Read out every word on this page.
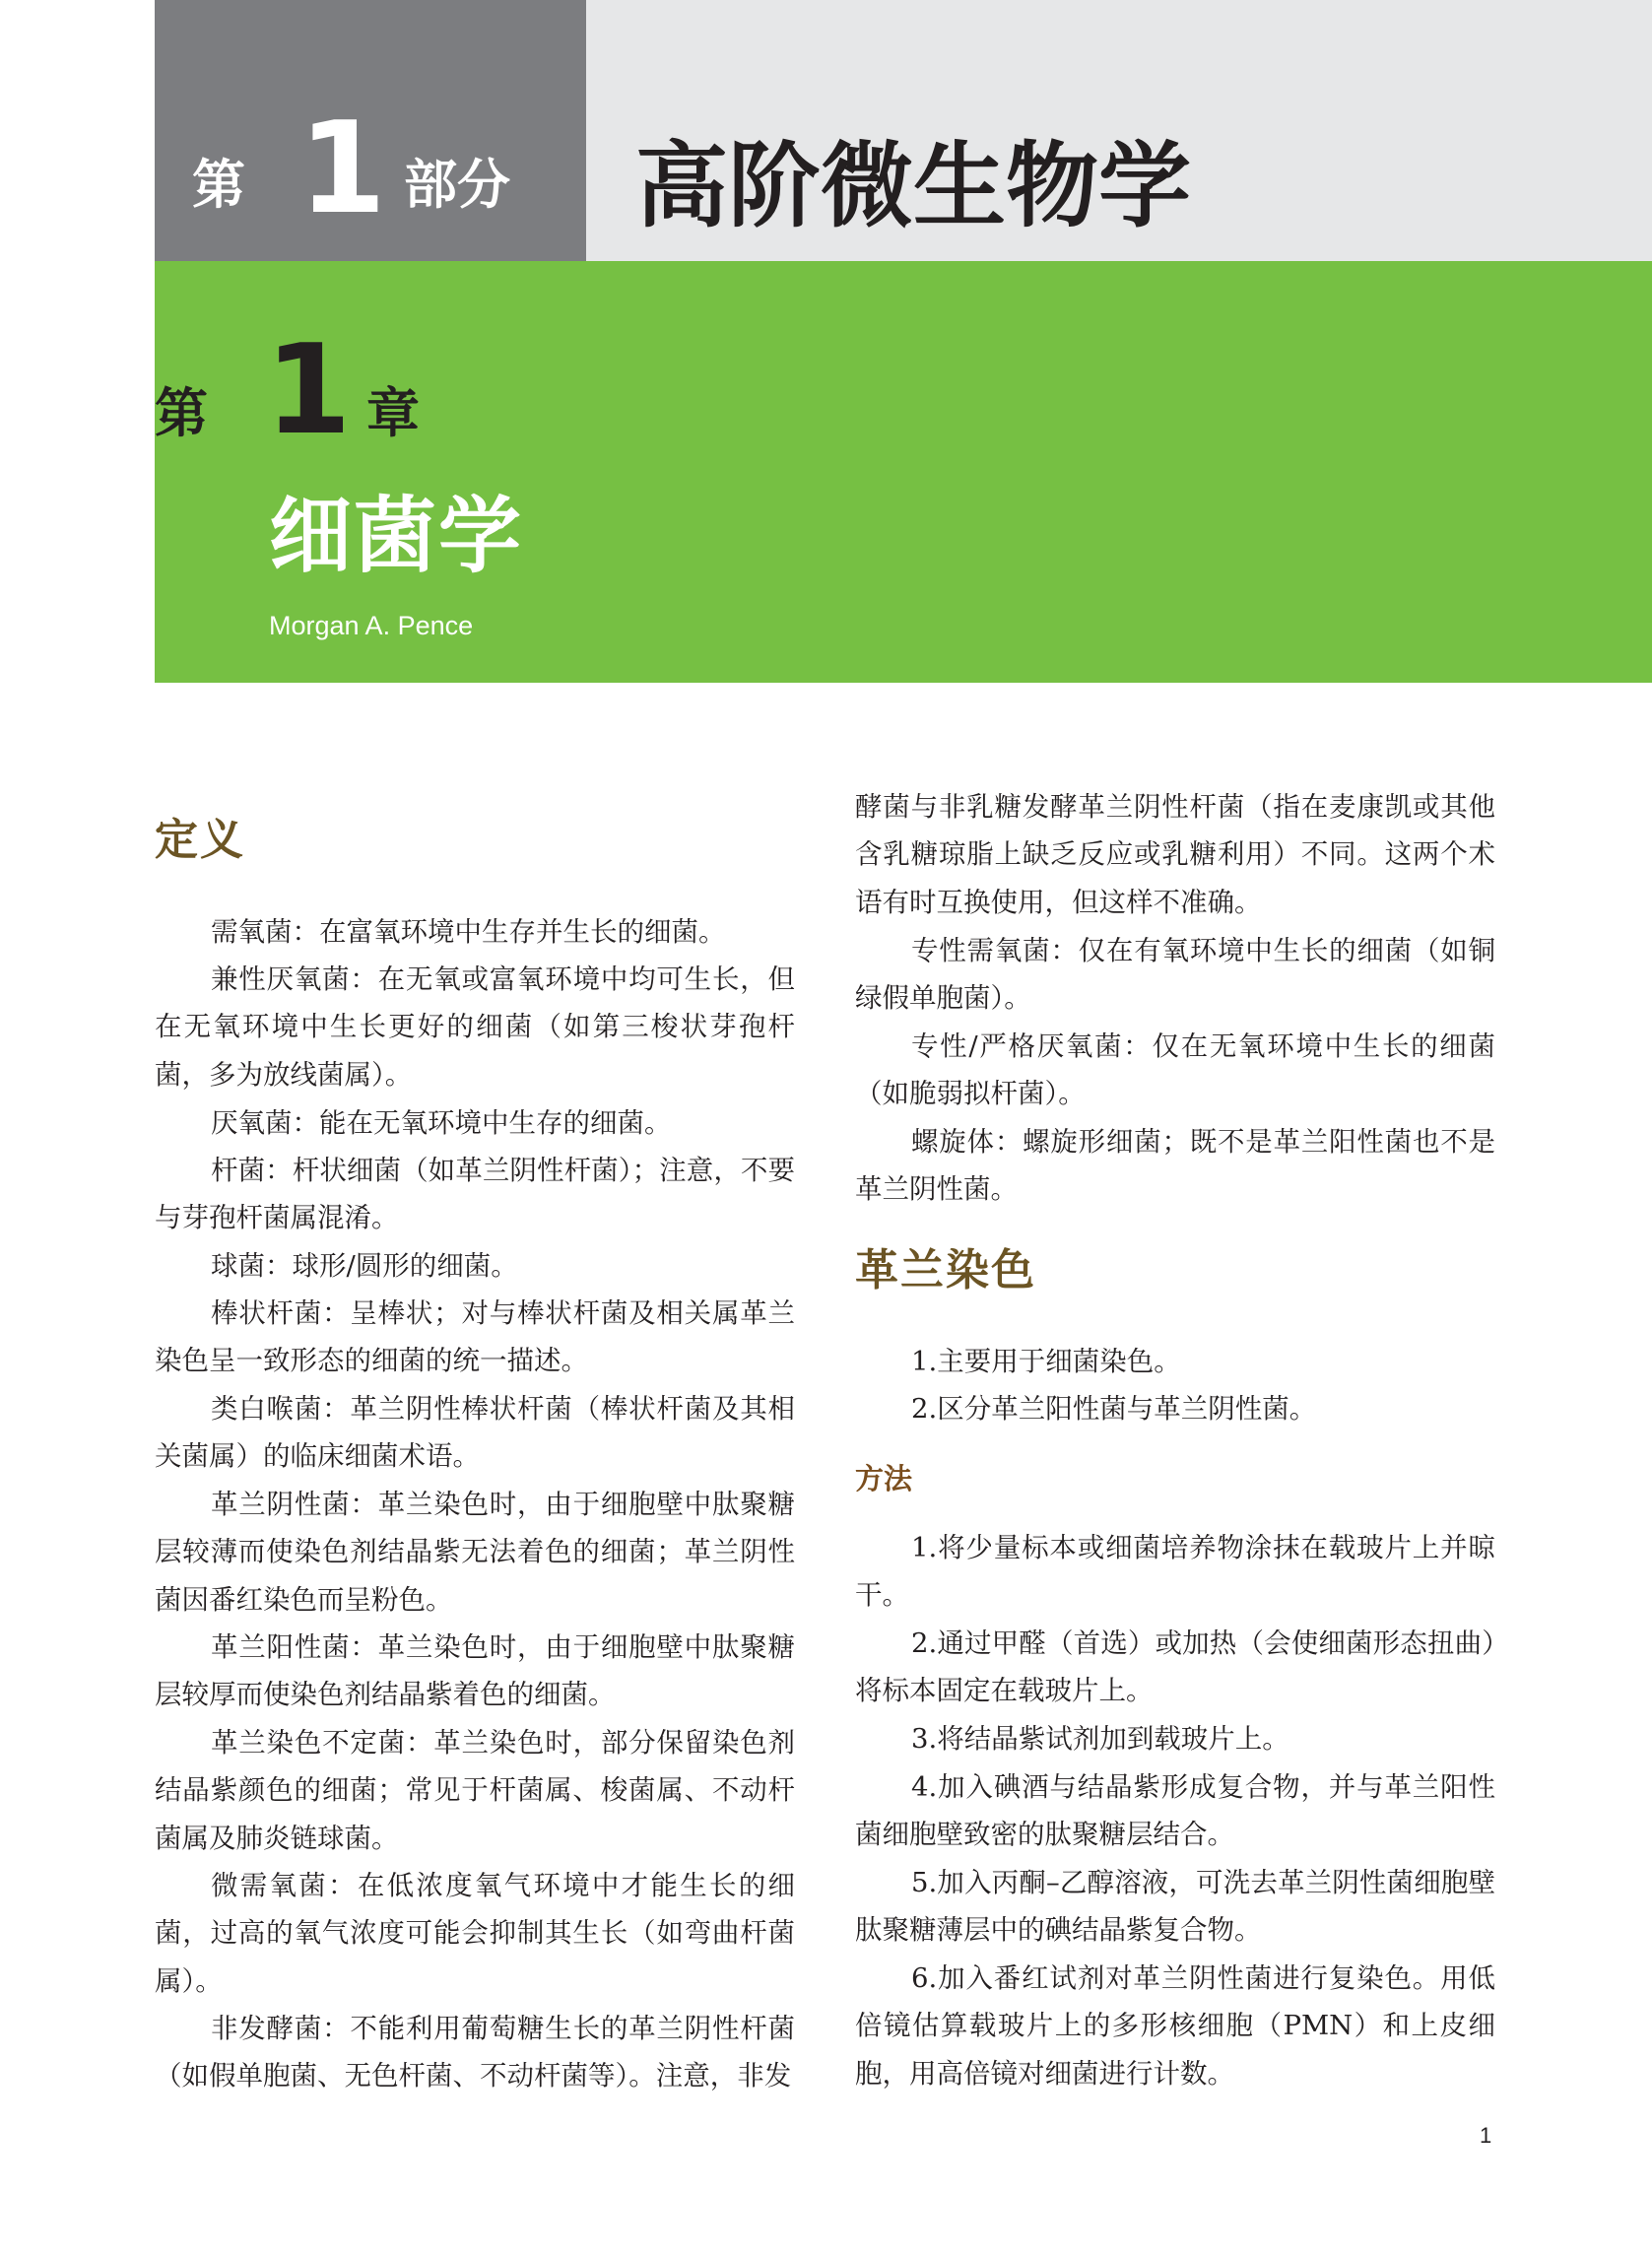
第 1 部分 高阶微生物学
第 1 章
细菌学
Morgan A. Pence
定义

需氧菌：在富氧环境中生存并生长的细菌。

兼性厌氧菌：在无氧或富氧环境中均可生长，但在无氧环境中生长更好的细菌（如第三梭状芽孢杆菌，多为放线菌属）。

厌氧菌：能在无氧环境中生存的细菌。

杆菌：杆状细菌（如革兰阴性杆菌）；注意，不要与芽孢杆菌属混淆。

球菌：球形/圆形的细菌。

棒状杆菌：呈棒状；对与棒状杆菌及相关属革兰染色呈一致形态的细菌的统一描述。

类白喉菌：革兰阴性棒状杆菌（棒状杆菌及其相关菌属）的临床细菌术语。

革兰阴性菌：革兰染色时，由于细胞壁中肽聚糖层较薄而使染色剂结晶紫无法着色的细菌；革兰阴性菌因番红染色而呈粉色。

革兰阳性菌：革兰染色时，由于细胞壁中肽聚糖层较厚而使染色剂结晶紫着色的细菌。

革兰染色不定菌：革兰染色时，部分保留染色剂结晶紫颜色的细菌；常见于杆菌属、梭菌属、不动杆菌属及肺炎链球菌。

微需氧菌：在低浓度氧气环境中才能生长的细菌，过高的氧气浓度可能会抑制其生长（如弯曲杆菌属）。

非发酵菌：不能利用葡萄糖生长的革兰阴性杆菌（如假单胞菌、无色杆菌、不动杆菌等）。注意，非发

酵菌与非乳糖发酵革兰阴性杆菌（指在麦康凯或其他含乳糖琼脂上缺乏反应或乳糖利用）不同。这两个术语有时互换使用，但这样不准确。

专性需氧菌：仅在有氧环境中生长的细菌（如铜绿假单胞菌）。

专性/严格厌氧菌：仅在无氧环境中生长的细菌（如脆弱拟杆菌）。

螺旋体：螺旋形细菌；既不是革兰阳性菌也不是革兰阴性菌。

革兰染色

1.主要用于细菌染色。

2.区分革兰阳性菌与革兰阴性菌。

方法

1.将少量标本或细菌培养物涂抹在载玻片上并晾干。

2.通过甲醛（首选）或加热（会使细菌形态扭曲）将标本固定在载玻片上。

3.将结晶紫试剂加到载玻片上。

4.加入碘酒与结晶紫形成复合物，并与革兰阳性菌细胞壁致密的肽聚糖层结合。

5.加入丙酮–乙醇溶液，可洗去革兰阴性菌细胞壁肽聚糖薄层中的碘结晶紫复合物。

6.加入番红试剂对革兰阴性菌进行复染色。用低倍镜估算载玻片上的多形核细胞（PMN）和上皮细胞，用高倍镜对细菌进行计数。

1
